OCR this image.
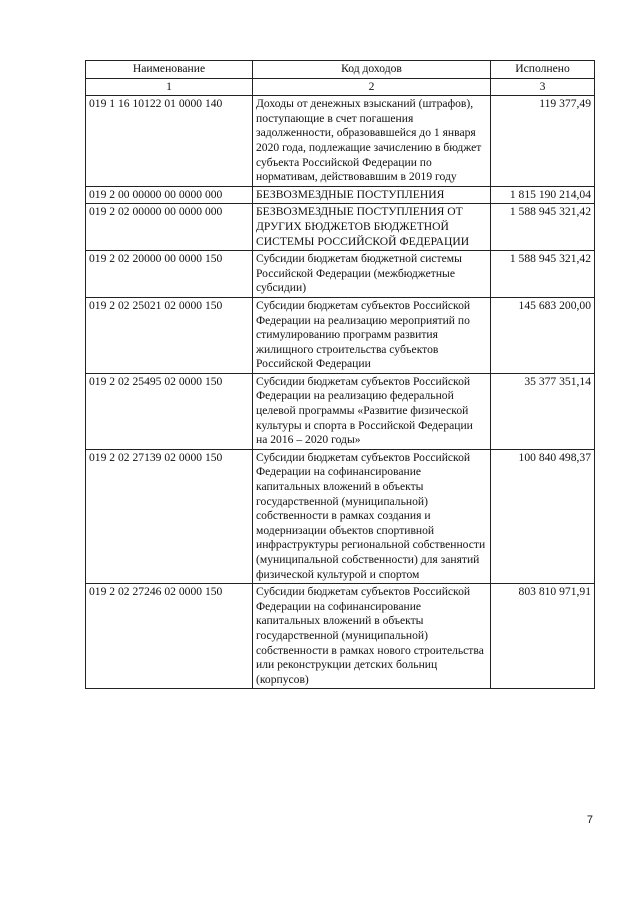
Наименование	Код доходов	Исполнено
1	2	3
019 1 16 10122 01 0000 140	Доходы от денежных взысканий (штрафов), поступающие в счет погашения задолженности, образовавшейся до 1 января 2020 года, подлежащие зачислению в бюджет субъекта Российской Федерации по нормативам, действовавшим в 2019 году	119 377,49
019 2 00 00000 00 0000 000	БЕЗВОЗМЕЗДНЫЕ ПОСТУПЛЕНИЯ	1 815 190 214,04
019 2 02 00000 00 0000 000	БЕЗВОЗМЕЗДНЫЕ ПОСТУПЛЕНИЯ ОТ ДРУГИХ БЮДЖЕТОВ БЮДЖЕТНОЙ СИСТЕМЫ РОССИЙСКОЙ ФЕДЕРАЦИИ	1 588 945 321,42
019 2 02 20000 00 0000 150	Субсидии бюджетам бюджетной системы Российской Федерации (межбюджетные субсидии)	1 588 945 321,42
019 2 02 25021 02 0000 150	Субсидии бюджетам субъектов Российской Федерации на реализацию мероприятий по стимулированию программ развития жилищного строительства субъектов Российской Федерации	145 683 200,00
019 2 02 25495 02 0000 150	Субсидии бюджетам субъектов Российской Федерации на реализацию федеральной целевой программы «Развитие физической культуры и спорта в Российской Федерации на 2016 – 2020 годы»	35 377 351,14
019 2 02 27139 02 0000 150	Субсидии бюджетам субъектов Российской Федерации на софинансирование капитальных вложений в объекты государственной (муниципальной) собственности в рамках создания и модернизации объектов спортивной инфраструктуры региональной собственности (муниципальной собственности) для занятий физической культурой и спортом	100 840 498,37
019 2 02 27246 02 0000 150	Субсидии бюджетам субъектов Российской Федерации на софинансирование капитальных вложений в объекты государственной (муниципальной) собственности в рамках нового строительства или реконструкции детских больниц (корпусов)	803 810 971,91
7
